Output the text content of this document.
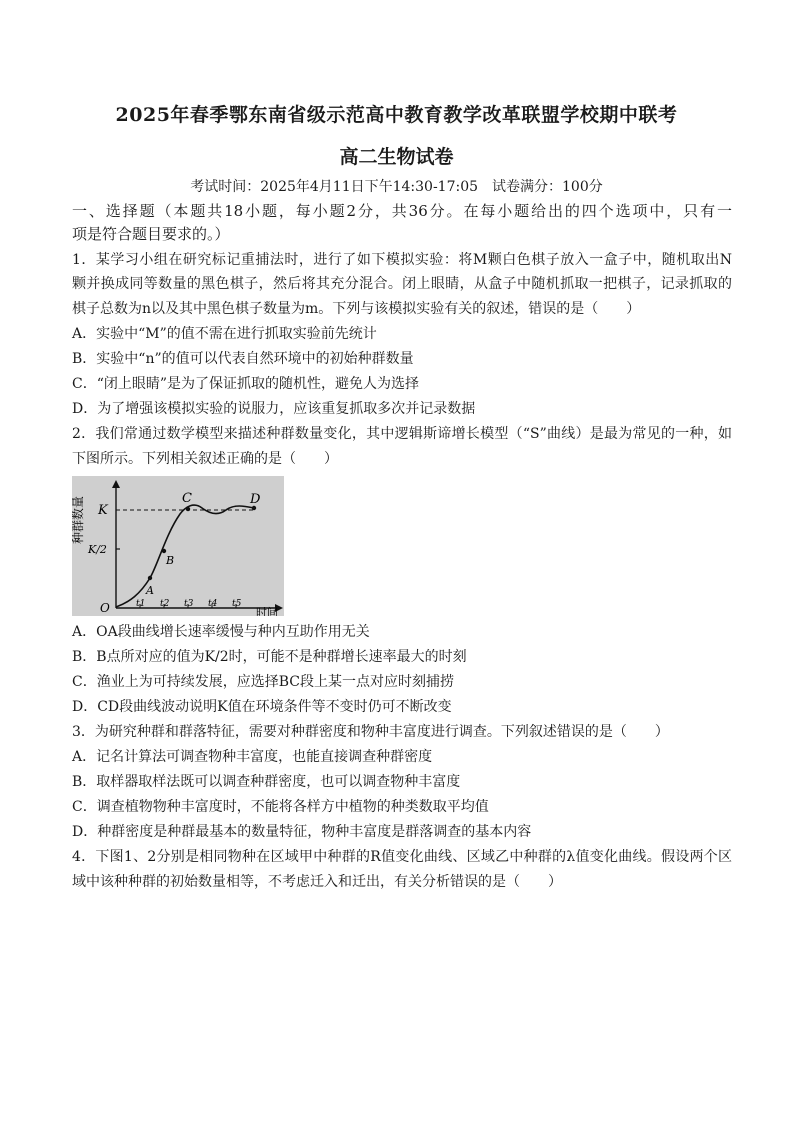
2025年春季鄂东南省级示范高中教育教学改革联盟学校期中联考
高二生物试卷
考试时间：2025年4月11日下午14:30-17:05　试卷满分：100分
一、选择题（本题共18小题，每小题2分，共36分。在每小题给出的四个选项中，只有一
项是符合题目要求的。）
1．某学习小组在研究标记重捕法时，进行了如下模拟实验：将M颗白色棋子放入一盒子中，随机取出N
颗并换成同等数量的黑色棋子，然后将其充分混合。闭上眼睛，从盒子中随机抓取一把棋子，记录抓取的
棋子总数为n以及其中黑色棋子数量为m。下列与该模拟实验有关的叙述，错误的是（　　）
A．实验中“M”的值不需在进行抓取实验前先统计
B．实验中“n”的值可以代表自然环境中的初始种群数量
C．“闭上眼睛”是为了保证抓取的随机性，避免人为选择
D．为了增强该模拟实验的说服力，应该重复抓取多次并记录数据
2．我们常通过数学模型来描述种群数量变化，其中逻辑斯谛增长模型（“S”曲线）是最为常见的一种，如
下图所示。下列相关叙述正确的是（　　）
A
B
C	D
K
K/2
O
种群数量
时间
t1 t2 t3 t4 t5
A．OA段曲线增长速率缓慢与种内互助作用无关
B．B点所对应的值为K/2时，可能不是种群增长速率最大的时刻
C．渔业上为可持续发展，应选择BC段上某一点对应时刻捕捞
D．CD段曲线波动说明K值在环境条件等不变时仍可不断改变
3．为研究种群和群落特征，需要对种群密度和物种丰富度进行调查。下列叙述错误的是（　　）
A．记名计算法可调查物种丰富度，也能直接调查种群密度
B．取样器取样法既可以调查种群密度，也可以调查物种丰富度
C．调查植物物种丰富度时，不能将各样方中植物的种类数取平均值
D．种群密度是种群最基本的数量特征，物种丰富度是群落调查的基本内容
4．下图1、2分别是相同物种在区域甲中种群的R值变化曲线、区域乙中种群的λ值变化曲线。假设两个区
域中该种种群的初始数量相等，不考虑迁入和迁出，有关分析错误的是（　　）
